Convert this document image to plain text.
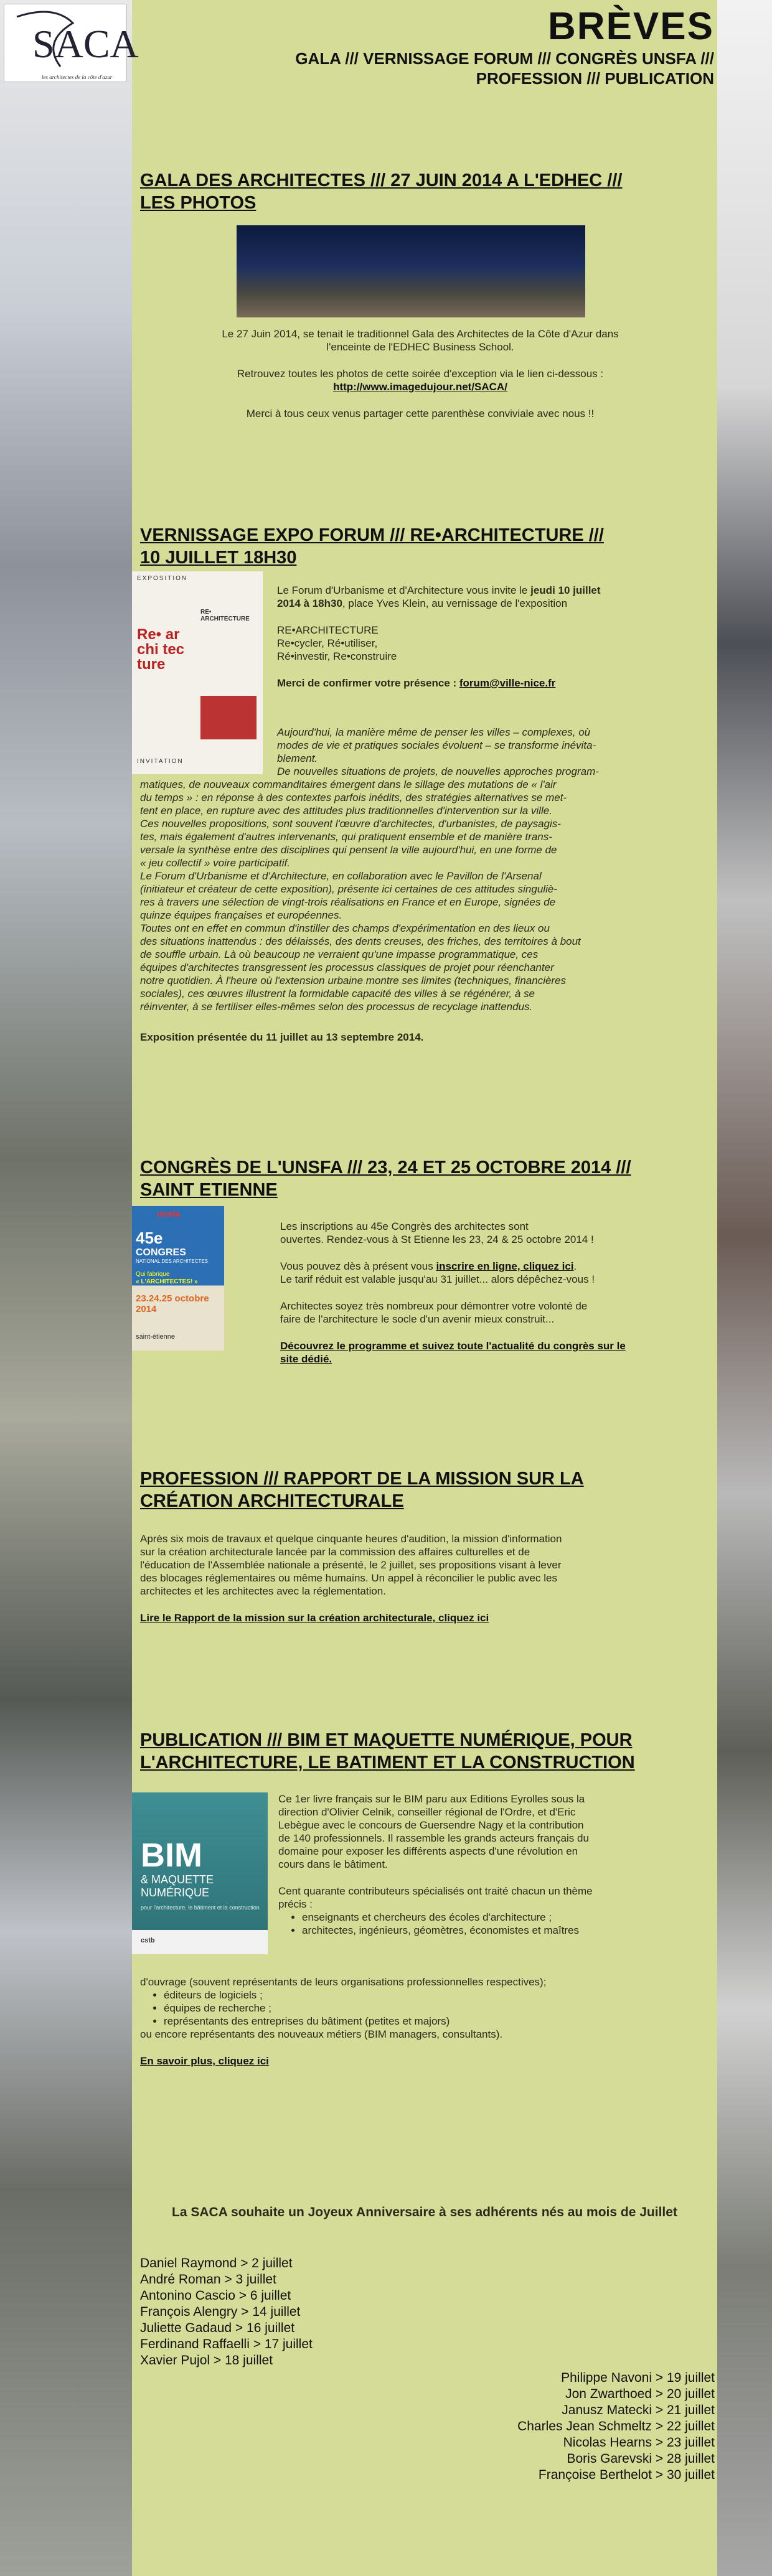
SACA
les architectes de la côte d'azur
BRÈVES
GALA /// VERNISSAGE FORUM /// CONGRÈS UNSFA ///
PROFESSION /// PUBLICATION
GALA DES ARCHITECTES /// 27 JUIN 2014 A L'EDHEC ///
LES PHOTOS

Le 27 Juin 2014, se tenait le traditionnel Gala des Architectes de la Côte d'Azur dans

l'enceinte de l'EDHEC Business School.

Retrouvez toutes les photos de cette soirée d'exception via le lien ci-dessous :

http://www.imagedujour.net/SACA/

Merci à tous ceux venus partager cette parenthèse conviviale avec nous !!

VERNISSAGE EXPO FORUM /// RE•ARCHITECTURE ///
10 JUILLET 18H30
EXPOSITION
Re• ar chi tec ture
RE• ARCHITECTURE
INVITATION

Le Forum d'Urbanisme et d'Architecture vous invite le jeudi 10 juillet
2014 à 18h30, place Yves Klein, au vernissage de l'exposition

RE•ARCHITECTURE

Re•cycler, Ré•utiliser,

Ré•investir, Re•construire

Merci de confirmer votre présence : forum@ville-nice.fr

Aujourd'hui, la manière même de penser les villes – complexes, où

modes de vie et pratiques sociales évoluent – se transforme inévita-

blement.

De nouvelles situations de projets, de nouvelles approches program-

matiques, de nouveaux commanditaires émergent dans le sillage des mutations de « l'air

du temps » : en réponse à des contextes parfois inédits, des stratégies alternatives se met-

tent en place, en rupture avec des attitudes plus traditionnelles d'intervention sur la ville.

Ces nouvelles propositions, sont souvent l'œuvre d'architectes, d'urbanistes, de paysagis-

tes, mais également d'autres intervenants, qui pratiquent ensemble et de manière trans-

versale la synthèse entre des disciplines qui pensent la ville aujourd'hui, en une forme de

« jeu collectif » voire participatif.

Le Forum d'Urbanisme et d'Architecture, en collaboration avec le Pavillon de l'Arsenal

(initiateur et créateur de cette exposition), présente ici certaines de ces attitudes singuliè-

res à travers une sélection de vingt-trois réalisations en France et en Europe, signées de

quinze équipes françaises et européennes.

Toutes ont en effet en commun d'instiller des champs d'expérimentation en des lieux ou

des situations inattendus : des délaissés, des dents creuses, des friches, des territoires à bout

de souffle urbain. Là où beaucoup ne verraient qu'une impasse programmatique, ces

équipes d'architectes transgressent les processus classiques de projet pour réenchanter

notre quotidien. À l'heure où l'extension urbaine montre ses limites (techniques, financières

sociales), ces œuvres illustrent la formidable capacité des villes à se régénérer, à se

réinventer, à se fertiliser elles-mêmes selon des processus de recyclage inattendus.

Exposition présentée du 11 juillet au 13 septembre 2014.

CONGRÈS DE L'UNSFA /// 23, 24 ET 25 OCTOBRE 2014 ///
SAINT ETIENNE
unsfa
45e
CONGRES
NATIONAL DES ARCHITECTES
Qui fabrique
« L'ARCHITECTES! »
23.24.25 octobre 2014
saint-étienne

Les inscriptions au 45e Congrès des architectes sont

ouvertes. Rendez-vous à St Etienne les 23, 24 & 25 octobre 2014 !

Vous pouvez dès à présent vous inscrire en ligne, cliquez ici.

Le tarif réduit est valable jusqu'au 31 juillet... alors dépêchez-vous !

Architectes soyez très nombreux pour démontrer votre volonté de

faire de l'architecture le socle d'un avenir mieux construit...

Découvrez le programme et suivez toute l'actualité du congrès sur le
site dédié.

PROFESSION /// RAPPORT DE LA MISSION SUR LA
CRÉATION ARCHITECTURALE

Après six mois de travaux et quelque cinquante heures d'audition, la mission d'information

sur la création architecturale lancée par la commission des affaires culturelles et de

l'éducation de l'Assemblée nationale a présenté, le 2 juillet, ses propositions visant à lever

des blocages réglementaires ou même humains. Un appel à réconcilier le public avec les

architectes et les architectes avec la réglementation.

Lire le Rapport de la mission sur la création architecturale, cliquez ici

PUBLICATION /// BIM ET MAQUETTE NUMÉRIQUE, POUR
L'ARCHITECTURE, LE BATIMENT ET LA CONSTRUCTION
BIM
& MAQUETTE NUMÉRIQUE
pour l'architecture, le bâtiment et la construction
cstb

Ce 1er livre français sur le BIM paru aux Editions Eyrolles sous la

direction d'Olivier Celnik, conseiller régional de l'Ordre, et d'Eric

Lebègue avec le concours de Guersendre Nagy et la contribution

de 140 professionnels. Il rassemble les grands acteurs français du

domaine pour exposer les différents aspects d'une révolution en

cours dans le bâtiment.

Cent quarante contributeurs spécialisés ont traité chacun un thème

précis :

• enseignants et chercheurs des écoles d'architecture ;
• architectes, ingénieurs, géomètres, économistes et maîtres

d'ouvrage (souvent représentants de leurs organisations professionnelles respectives);

• éditeurs de logiciels ;
• équipes de recherche ;
• représentants des entreprises du bâtiment (petites et majors)

ou encore représentants des nouveaux métiers (BIM managers, consultants).

En savoir plus, cliquez ici

La SACA souhaite un Joyeux Anniversaire à ses adhérents nés au mois de Juillet

Daniel Raymond > 2 juillet
André Roman > 3 juillet
Antonino Cascio > 6 juillet
François Alengry > 14 juillet
Juliette Gadaud > 16 juillet
Ferdinand Raffaelli > 17 juillet
Xavier Pujol > 18 juillet
Philippe Navoni > 19 juillet
Jon Zwarthoed > 20 juillet
Janusz Matecki > 21 juillet
Charles Jean Schmeltz > 22 juillet
Nicolas Hearns > 23 juillet
Boris Garevski > 28 juillet
Françoise Berthelot > 30 juillet
